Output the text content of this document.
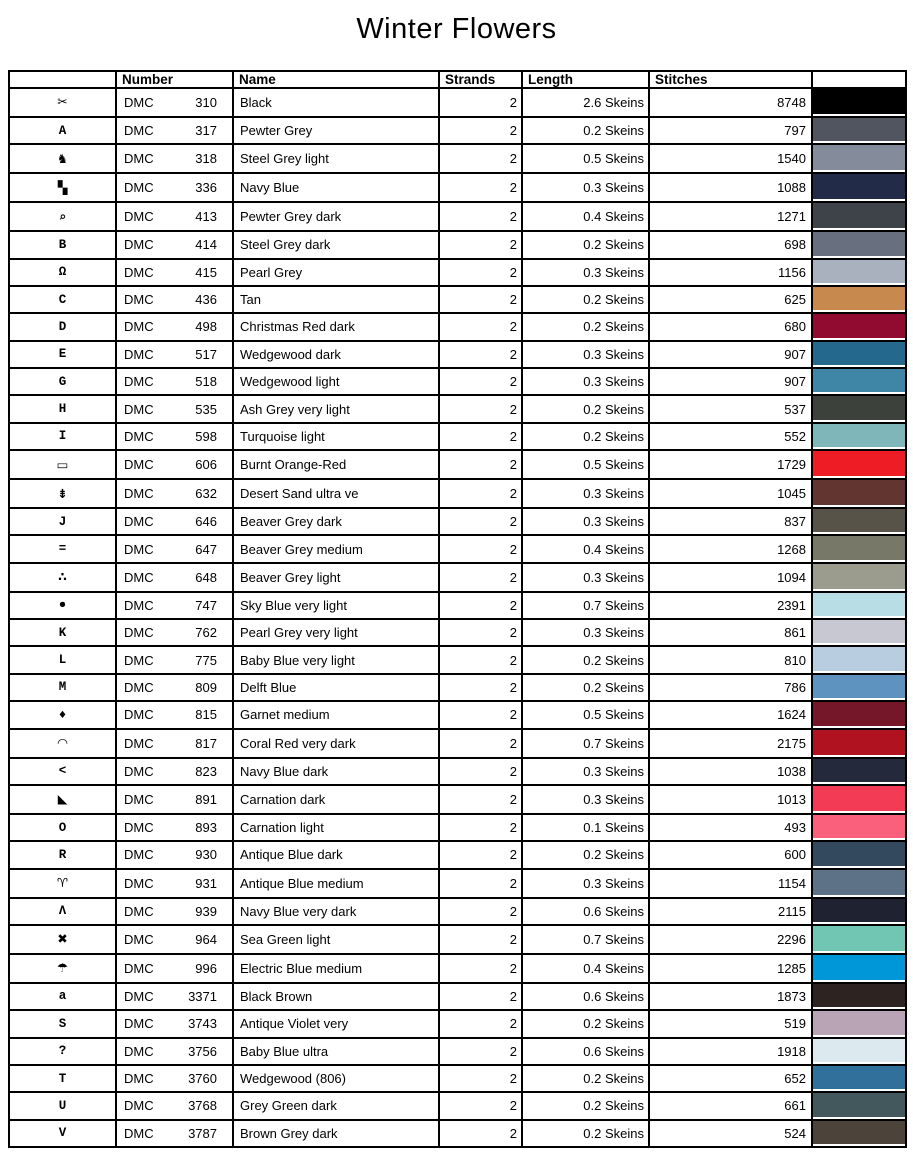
Winter Flowers
	Number	Name	Strands	Length	Stitches	
✂	DMC 310	Black	2	2.6 Skeins	8748	

A	DMC 317	Pewter Grey	2	0.2 Skeins	797	

♞	DMC 318	Steel Grey light	2	0.5 Skeins	1540	

▚	DMC 336	Navy Blue	2	0.3 Skeins	1088	

⌕	DMC 413	Pewter Grey dark	2	0.4 Skeins	1271	

B	DMC 414	Steel Grey dark	2	0.2 Skeins	698	

Ω	DMC 415	Pearl Grey	2	0.3 Skeins	1156	

C	DMC 436	Tan	2	0.2 Skeins	625	

D	DMC 498	Christmas Red dark	2	0.2 Skeins	680	

E	DMC 517	Wedgewood dark	2	0.3 Skeins	907	

G	DMC 518	Wedgewood light	2	0.3 Skeins	907	

H	DMC 535	Ash Grey very light	2	0.2 Skeins	537	

I	DMC 598	Turquoise light	2	0.2 Skeins	552	

▭	DMC 606	Burnt Orange-Red	2	0.5 Skeins	1729	

⇟	DMC 632	Desert Sand ultra ve	2	0.3 Skeins	1045	

J	DMC 646	Beaver Grey dark	2	0.3 Skeins	837	

=	DMC 647	Beaver Grey medium	2	0.4 Skeins	1268	

∴	DMC 648	Beaver Grey light	2	0.3 Skeins	1094	

●	DMC 747	Sky Blue very light	2	0.7 Skeins	2391	

K	DMC 762	Pearl Grey very light	2	0.3 Skeins	861	

L	DMC 775	Baby Blue very light	2	0.2 Skeins	810	

M	DMC 809	Delft Blue	2	0.2 Skeins	786	

♦	DMC 815	Garnet medium	2	0.5 Skeins	1624	

◠	DMC 817	Coral Red very dark	2	0.7 Skeins	2175	

<	DMC 823	Navy Blue dark	2	0.3 Skeins	1038	

◣	DMC 891	Carnation dark	2	0.3 Skeins	1013	

O	DMC 893	Carnation light	2	0.1 Skeins	493	

R	DMC 930	Antique Blue dark	2	0.2 Skeins	600	

♈	DMC 931	Antique Blue medium	2	0.3 Skeins	1154	

Λ	DMC 939	Navy Blue very dark	2	0.6 Skeins	2115	

✖	DMC 964	Sea Green light	2	0.7 Skeins	2296	

☂	DMC 996	Electric Blue medium	2	0.4 Skeins	1285	

a	DMC 3371	Black Brown	2	0.6 Skeins	1873	

S	DMC 3743	Antique Violet very	2	0.2 Skeins	519	

?	DMC 3756	Baby Blue ultra	2	0.6 Skeins	1918	

T	DMC 3760	Wedgewood (806)	2	0.2 Skeins	652	

U	DMC 3768	Grey Green dark	2	0.2 Skeins	661	

V	DMC 3787	Brown Grey dark	2	0.2 Skeins	524	
